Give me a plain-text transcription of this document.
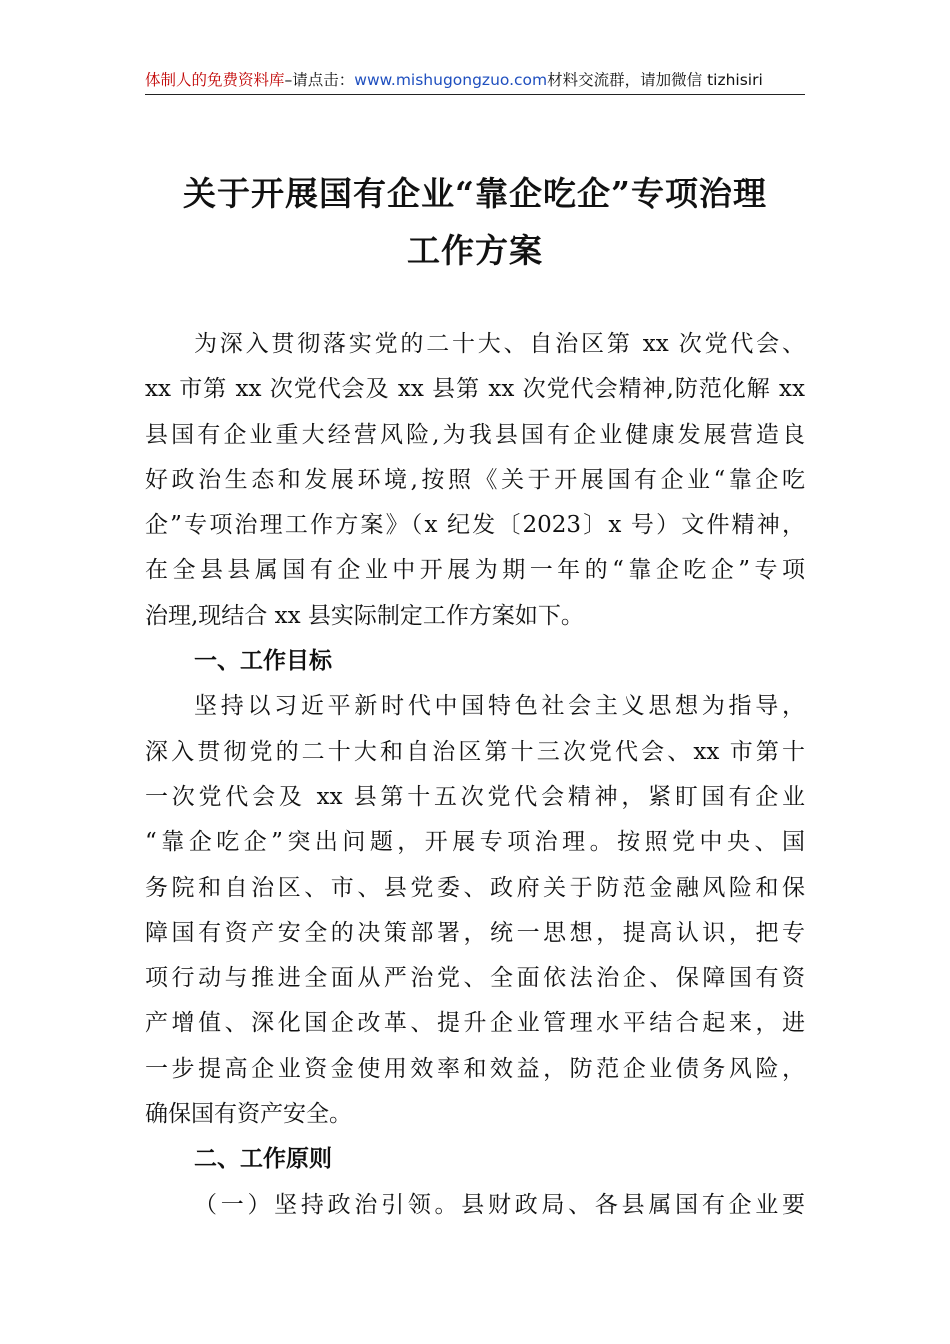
体制人的免费资料库–请点击：www.mishugongzuo.com材料交流群，请加微信 tizhisiri
关于开展国有企业“靠企吃企”专项治理
工作方案
为深入贯彻落实党的二十大、自治区第 xx 次党代会、
xx 市第 xx 次党代会及 xx 县第 xx 次党代会精神,防范化解 xx
县国有企业重大经营风险,为我县国有企业健康发展营造良
好政治生态和发展环境,按照《关于开展国有企业“靠企吃
企”专项治理工作方案》（x 纪发〔2023〕x 号）文件精神，
在全县县属国有企业中开展为期一年的“靠企吃企”专项
治理,现结合 xx 县实际制定工作方案如下。
一、工作目标
坚持以习近平新时代中国特色社会主义思想为指导，
深入贯彻党的二十大和自治区第十三次党代会、xx 市第十
一次党代会及 xx 县第十五次党代会精神，紧盯国有企业
“靠企吃企”突出问题，开展专项治理。按照党中央、国
务院和自治区、市、县党委、政府关于防范金融风险和保
障国有资产安全的决策部署，统一思想，提高认识，把专
项行动与推进全面从严治党、全面依法治企、保障国有资
产增值、深化国企改革、提升企业管理水平结合起来，进
一步提高企业资金使用效率和效益，防范企业债务风险，
确保国有资产安全。
二、工作原则
（一）坚持政治引领。县财政局、各县属国有企业要
